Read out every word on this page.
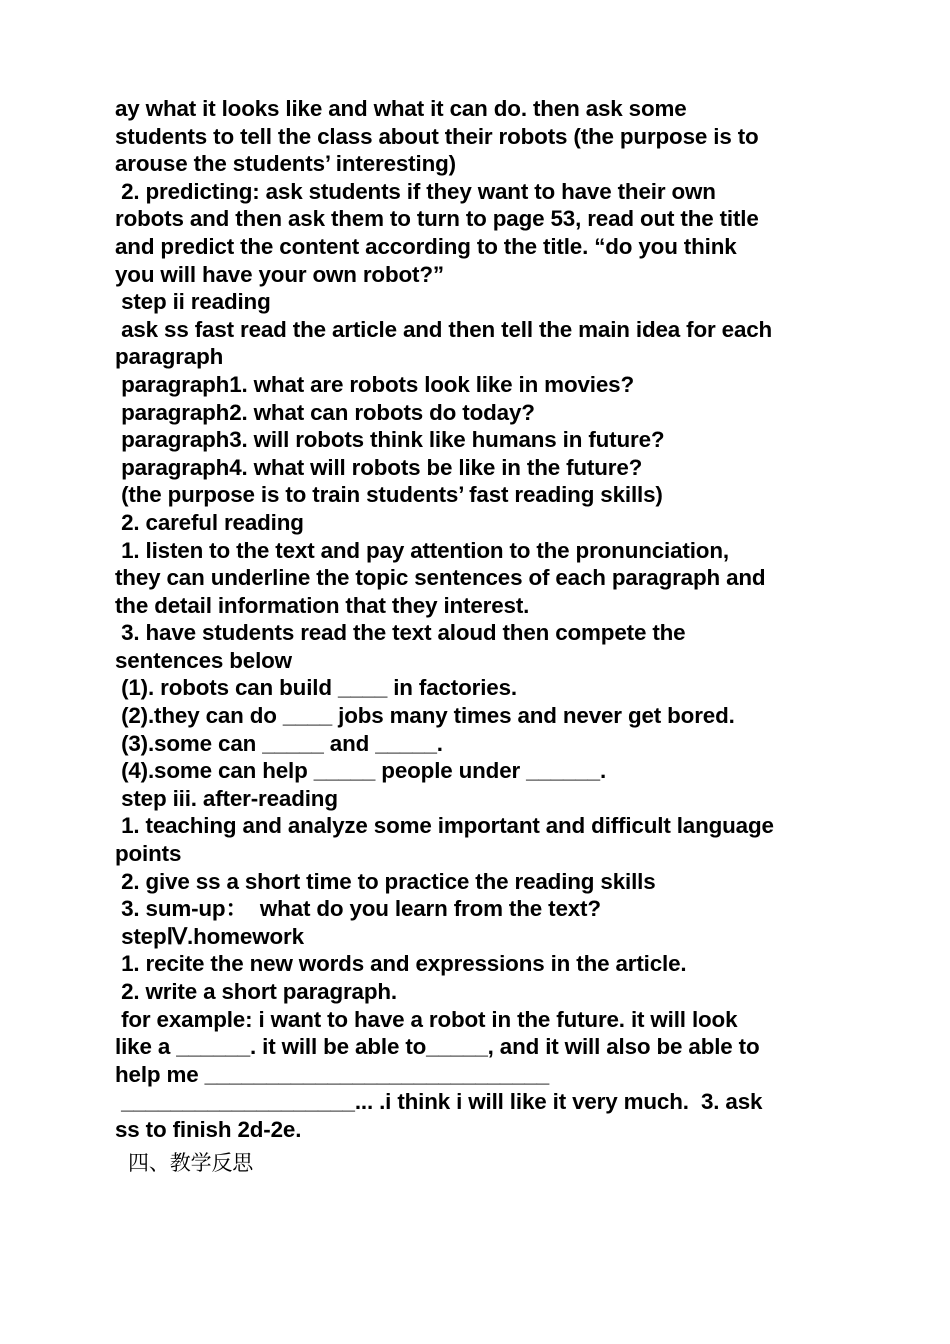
ay what it looks like and what it can do. then ask some
students to tell the class about their robots (the purpose is to
arouse the students’ interesting)
2. predicting: ask students if they want to have their own
robots and then ask them to turn to page 53, read out the title
and predict the content according to the title. “do you think
you will have your own robot?”
step ii reading
ask ss fast read the article and then tell the main idea for each
paragraph
paragraph1. what are robots look like in movies?
paragraph2. what can robots do today?
paragraph3. will robots think like humans in future?
paragraph4. what will robots be like in the future?
(the purpose is to train students’ fast reading skills)
2. careful reading
1. listen to the text and pay attention to the pronunciation,
they can underline the topic sentences of each paragraph and
the detail information that they interest.
3. have students read the text aloud then compete the
sentences below
(1). robots can build ____ in factories.
(2).they can do ____ jobs many times and never get bored.
(3).some can _____ and _____.
(4).some can help _____ people under ______.
step iii. after-reading
1. teaching and analyze some important and difficult language
points
2. give ss a short time to practice the reading skills
3. sum-up：  what do you learn from the text?
stepⅣ.homework
1. recite the new words and expressions in the article.
2. write a short paragraph.
for example: i want to have a robot in the future. it will look
like a ______. it will be able to_____, and it will also be able to
help me ____________________________
___________________... .i think i will like it very much.  3. ask
ss to finish 2d-2e.
四、教学反思
